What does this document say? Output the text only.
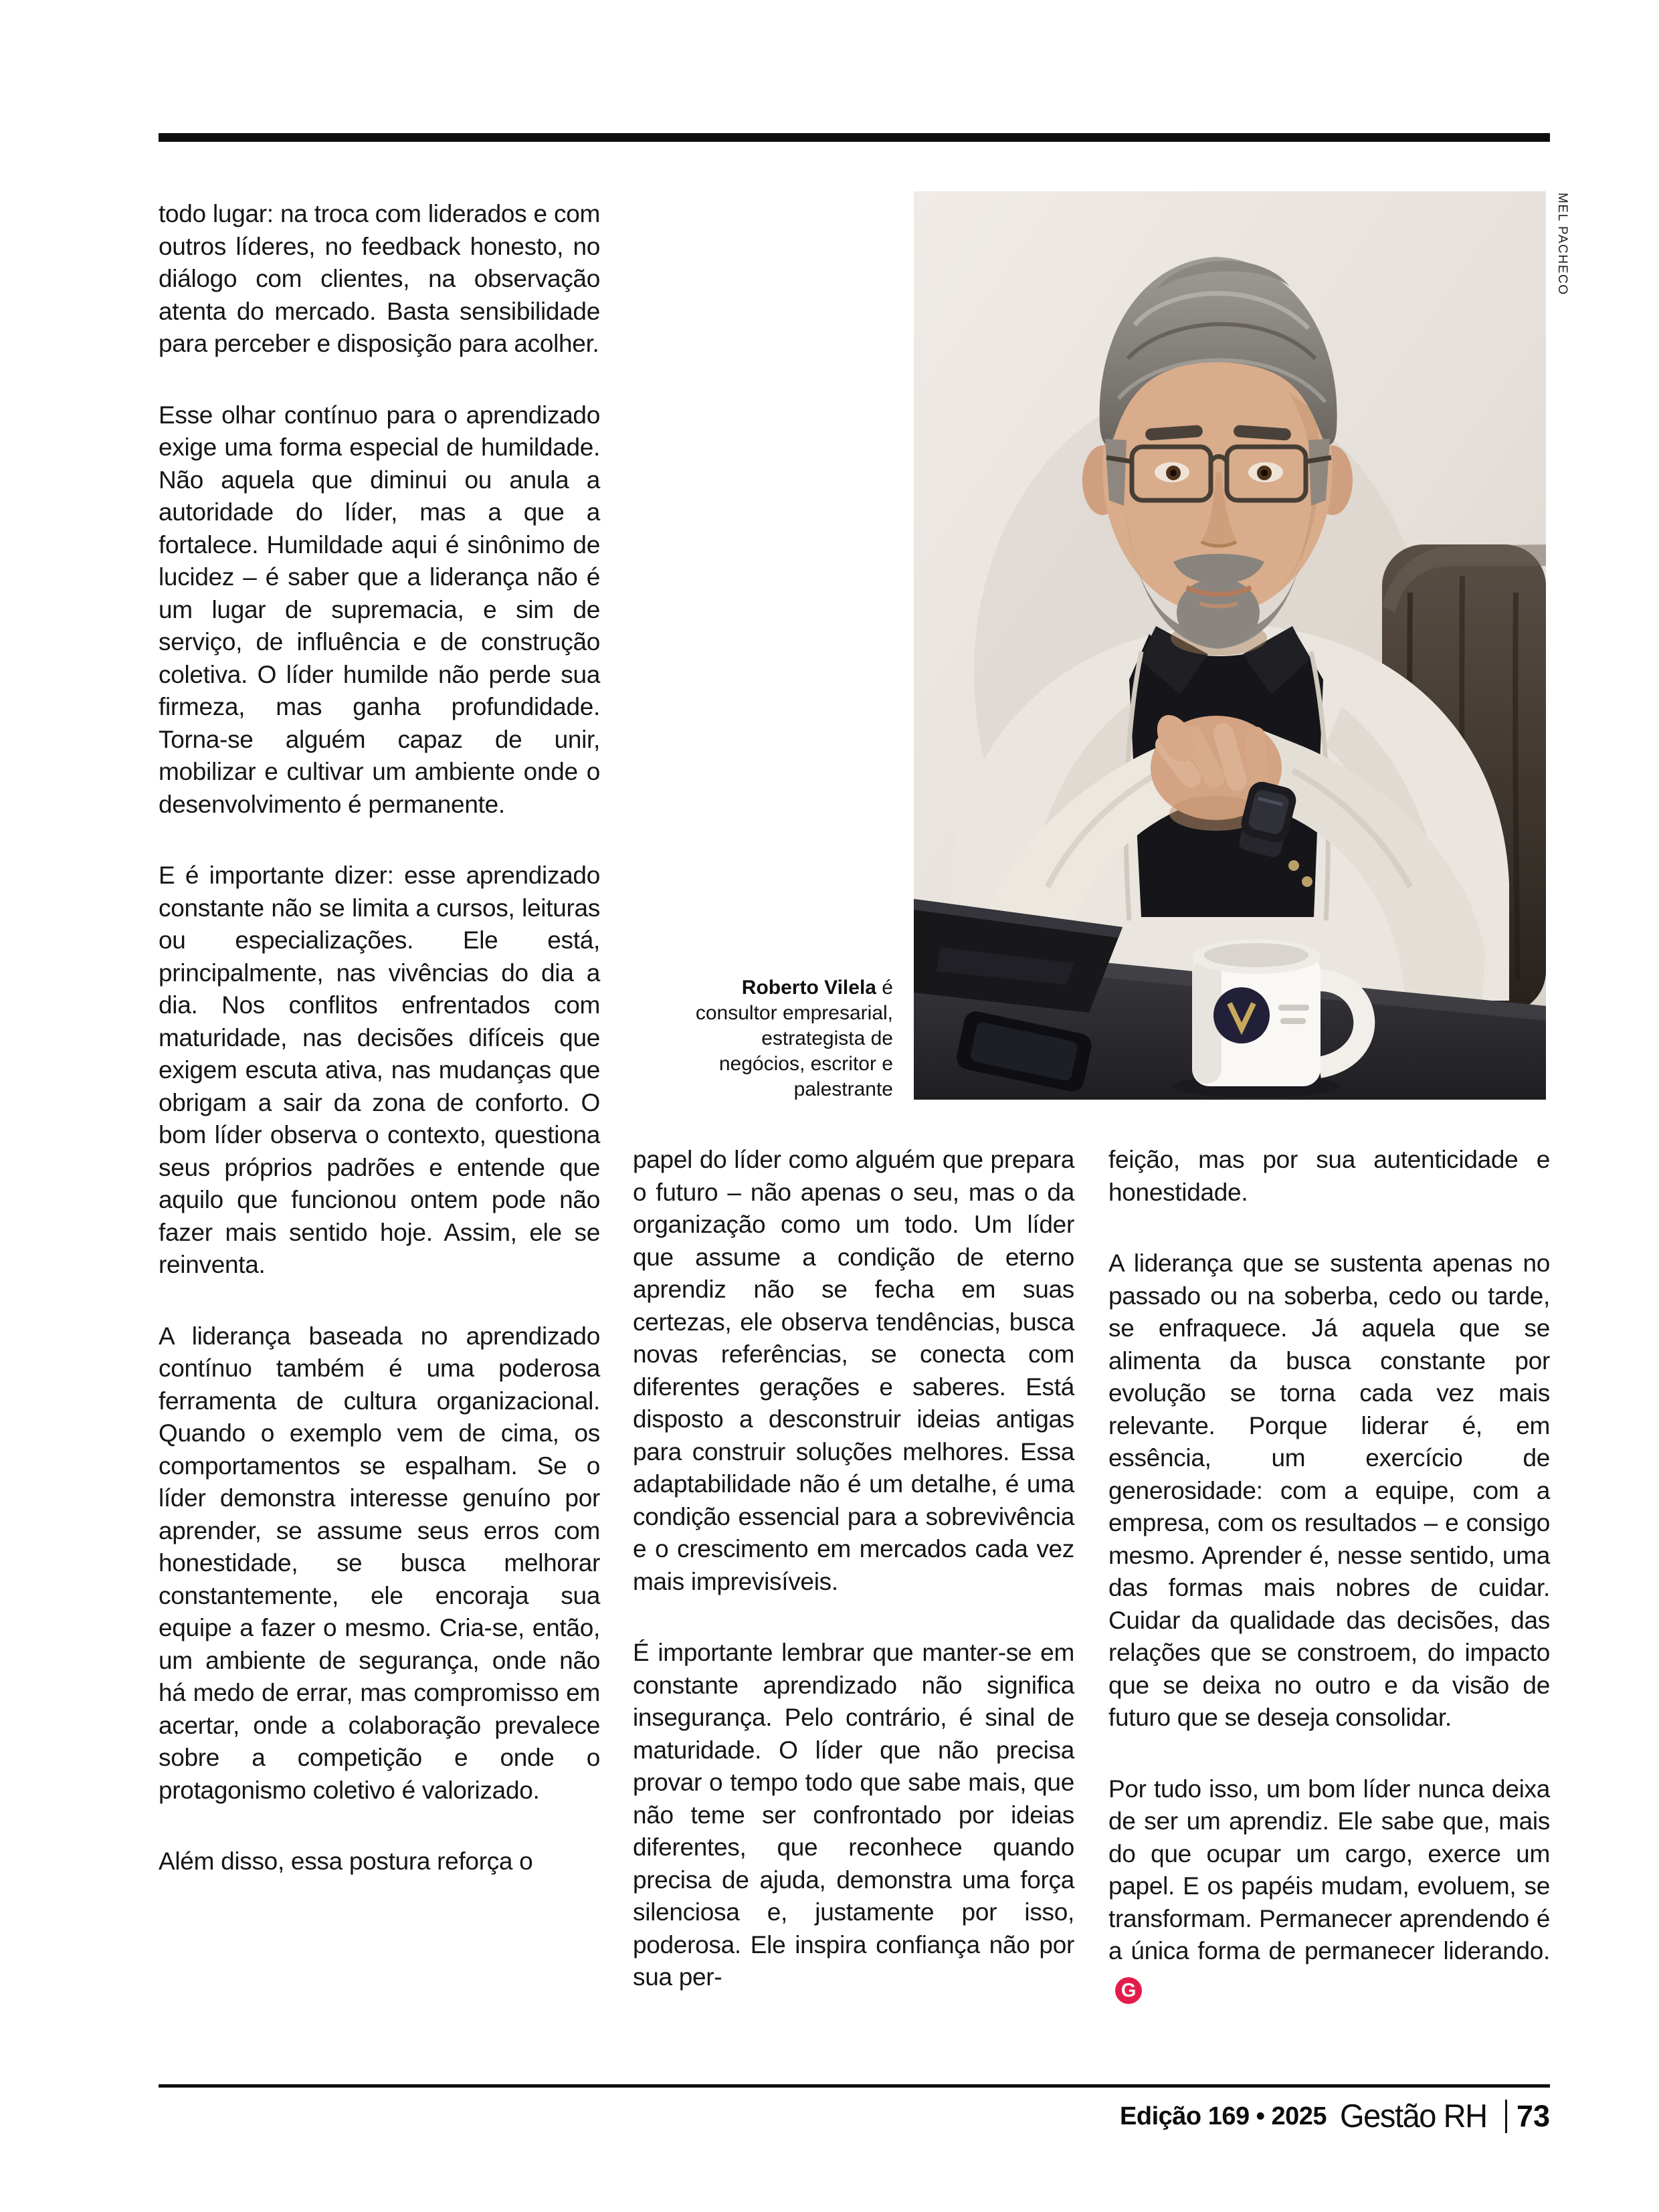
todo lugar: na troca com liderados e com outros líderes, no feedback honesto, no diálogo com clientes, na observação atenta do mercado. Basta sensibilidade para perceber e disposição para acolher.

Esse olhar contínuo para o aprendizado exige uma forma especial de humildade. Não aquela que diminui ou anula a autoridade do líder, mas a que a fortalece. Humildade aqui é sinônimo de lucidez – é saber que a liderança não é um lugar de supremacia, e sim de serviço, de influência e de construção coletiva. O líder humilde não perde sua firmeza, mas ganha profundidade. Torna-se alguém capaz de unir, mobilizar e cultivar um ambiente onde o desenvolvimento é permanente.

E é importante dizer: esse aprendizado constante não se limita a cursos, leituras ou especializações. Ele está, principalmente, nas vivências do dia a dia. Nos conflitos enfrentados com maturidade, nas decisões difíceis que exigem escuta ativa, nas mudanças que obrigam a sair da zona de conforto. O bom líder observa o contexto, questiona seus próprios padrões e entende que aquilo que funcionou ontem pode não fazer mais sentido hoje. Assim, ele se reinventa.

A liderança baseada no aprendizado contínuo também é uma poderosa ferramenta de cultura organizacional. Quando o exemplo vem de cima, os comportamentos se espalham. Se o líder demonstra interesse genuíno por aprender, se assume seus erros com honestidade, se busca melhorar constantemente, ele encoraja sua equipe a fazer o mesmo. Cria-se, então, um ambiente de segurança, onde não há medo de errar, mas compromisso em acertar, onde a colaboração prevalece sobre a competição e onde o protagonismo coletivo é valorizado.

Além disso, essa postura reforça o

MEL PACHECO
Roberto Vilela é
consultor empresarial,
estrategista de
negócios, escritor e
palestrante

papel do líder como alguém que prepara o futuro – não apenas o seu, mas o da organização como um todo. Um líder que assume a condição de eterno aprendiz não se fecha em suas certezas, ele observa tendências, busca novas referências, se conecta com diferentes gerações e saberes. Está disposto a desconstruir ideias antigas para construir soluções melhores. Essa adaptabilidade não é um detalhe, é uma condição essencial para a sobrevivência e o crescimento em mercados cada vez mais imprevisíveis.

É importante lembrar que manter-se em constante aprendizado não significa insegurança. Pelo contrário, é sinal de maturidade. O líder que não precisa provar o tempo todo que sabe mais, que não teme ser confrontado por ideias diferentes, que reconhece quando precisa de ajuda, demonstra uma força silenciosa e, justamente por isso, poderosa. Ele inspira confiança não por sua per-

feição, mas por sua autenticidade e honestidade.

A liderança que se sustenta apenas no passado ou na soberba, cedo ou tarde, se enfraquece. Já aquela que se alimenta da busca constante por evolução se torna cada vez mais relevante. Porque liderar é, em essência, um exercício de generosidade: com a equipe, com a empresa, com os resultados – e consigo mesmo. Aprender é, nesse sentido, uma das formas mais nobres de cuidar. Cuidar da qualidade das decisões, das relações que se constroem, do impacto que se deixa no outro e da visão de futuro que se deseja consolidar.

Por tudo isso, um bom líder nunca deixa de ser um aprendiz. Ele sabe que, mais do que ocupar um cargo, exerce um papel. E os papéis mudam, evoluem, se transformam. Permanecer aprendendo é a única forma de permanecer liderando.G

Edição 169 • 2025 Gestão RH 73
